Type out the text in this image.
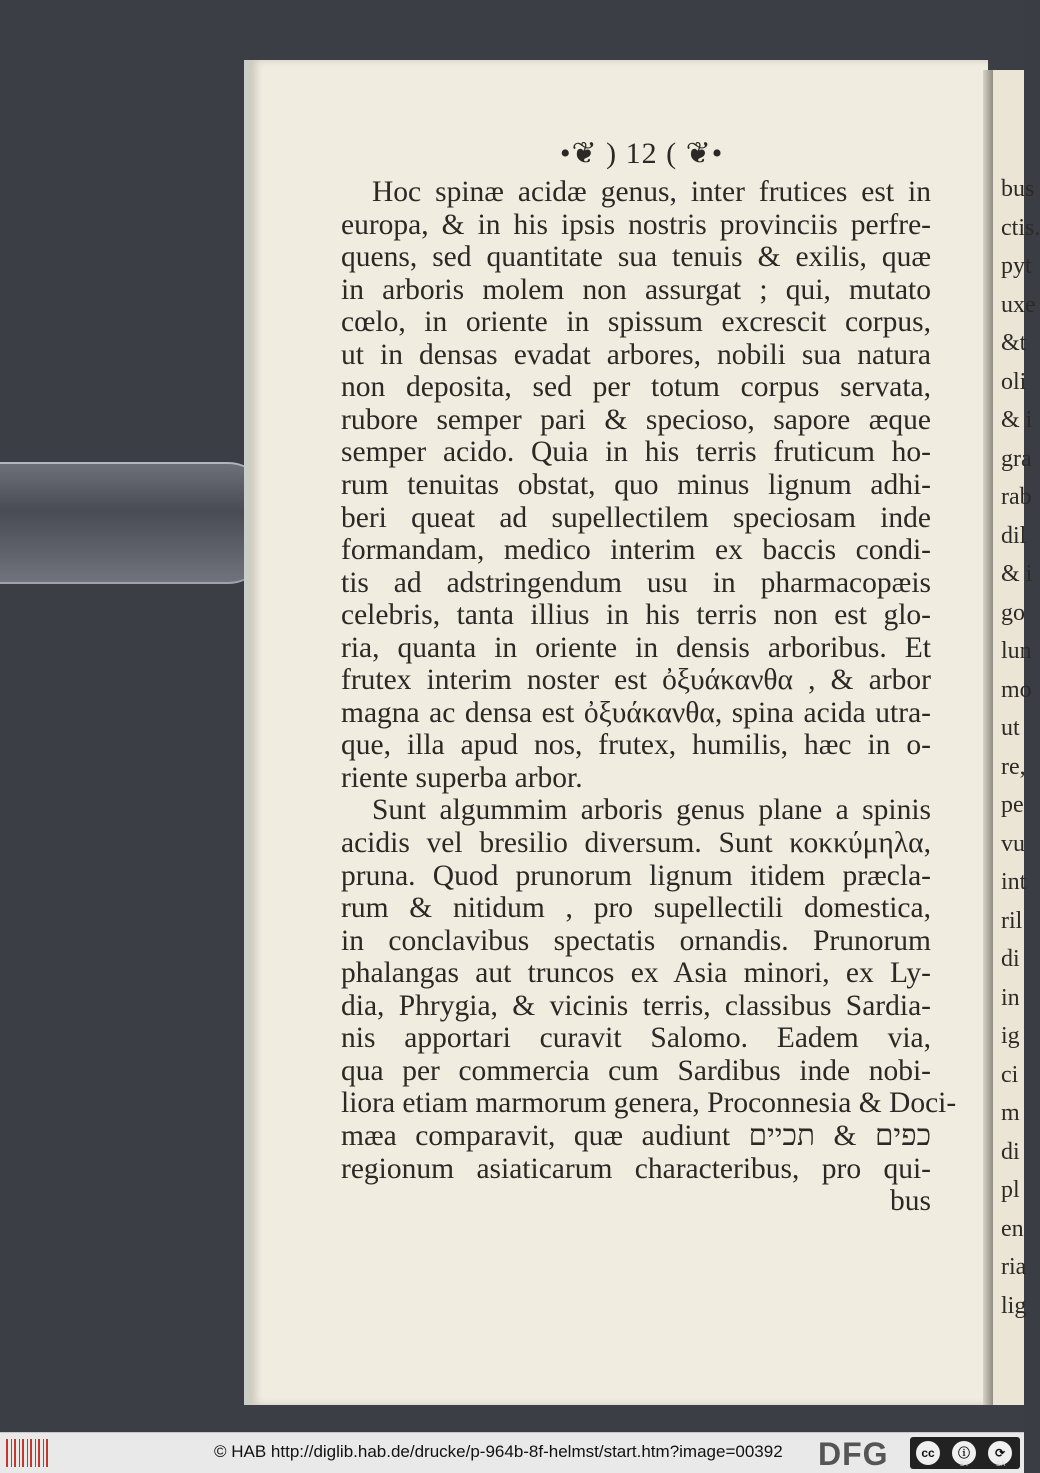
bus
ctis.
pyt
uxe
&t
oli
& i
gra
rab
dil
& i
go
lun
mo
ut
re,
pe
vu
int
ril
di
in
ig
ci
m
di
pl
en
ria
lig
•❦ ) 12 ( ❦•
Hoc spinæ acidæ genus, inter frutices est in
europa, & in his ipsis nostris provinciis perfre-
quens, sed quantitate sua tenuis & exilis, quæ
in arboris molem non assurgat ; qui, mutato
cœlo, in oriente in spissum excrescit corpus,
ut in densas evadat arbores, nobili sua natura
non deposita, sed per totum corpus servata,
rubore semper pari & specioso, sapore æque
semper acido. Quia in his terris fruticum ho-
rum tenuitas obstat, quo minus lignum adhi-
beri queat ad supellectilem speciosam inde
formandam, medico interim ex baccis condi-
tis ad adstringendum usu in pharmacopæis
celebris, tanta illius in his terris non est glo-
ria, quanta in oriente in densis arboribus. Et
frutex interim noster est ὀξυάκανθα , & arbor
magna ac densa est ὀξυάκανθα, spina acida utra-
que, illa apud nos, frutex, humilis, hæc in o-
riente superba arbor.
Sunt algummim arboris genus plane a spinis
acidis vel bresilio diversum. Sunt κοκκύμηλα,
pruna. Quod prunorum lignum itidem præcla-
rum & nitidum , pro supellectili domestica,
in conclavibus spectatis ornandis. Prunorum
phalangas aut truncos ex Asia minori, ex Ly-
dia, Phrygia, & vicinis terris, classibus Sardia-
nis apportari curavit Salomo. Eadem via,
qua per commercia cum Sardibus inde nobi-
liora etiam marmorum genera, Proconnesia & Doci-
mæa comparavit, quæ audiunt כפים & תכיים
regionum asiaticarum characteribus, pro qui-
bus
© HAB http://diglib.hab.de/drucke/p-964b-8f-helmst/start.htm?image=00392 DFG	cc	ⓘ	⟳
BY	SA
